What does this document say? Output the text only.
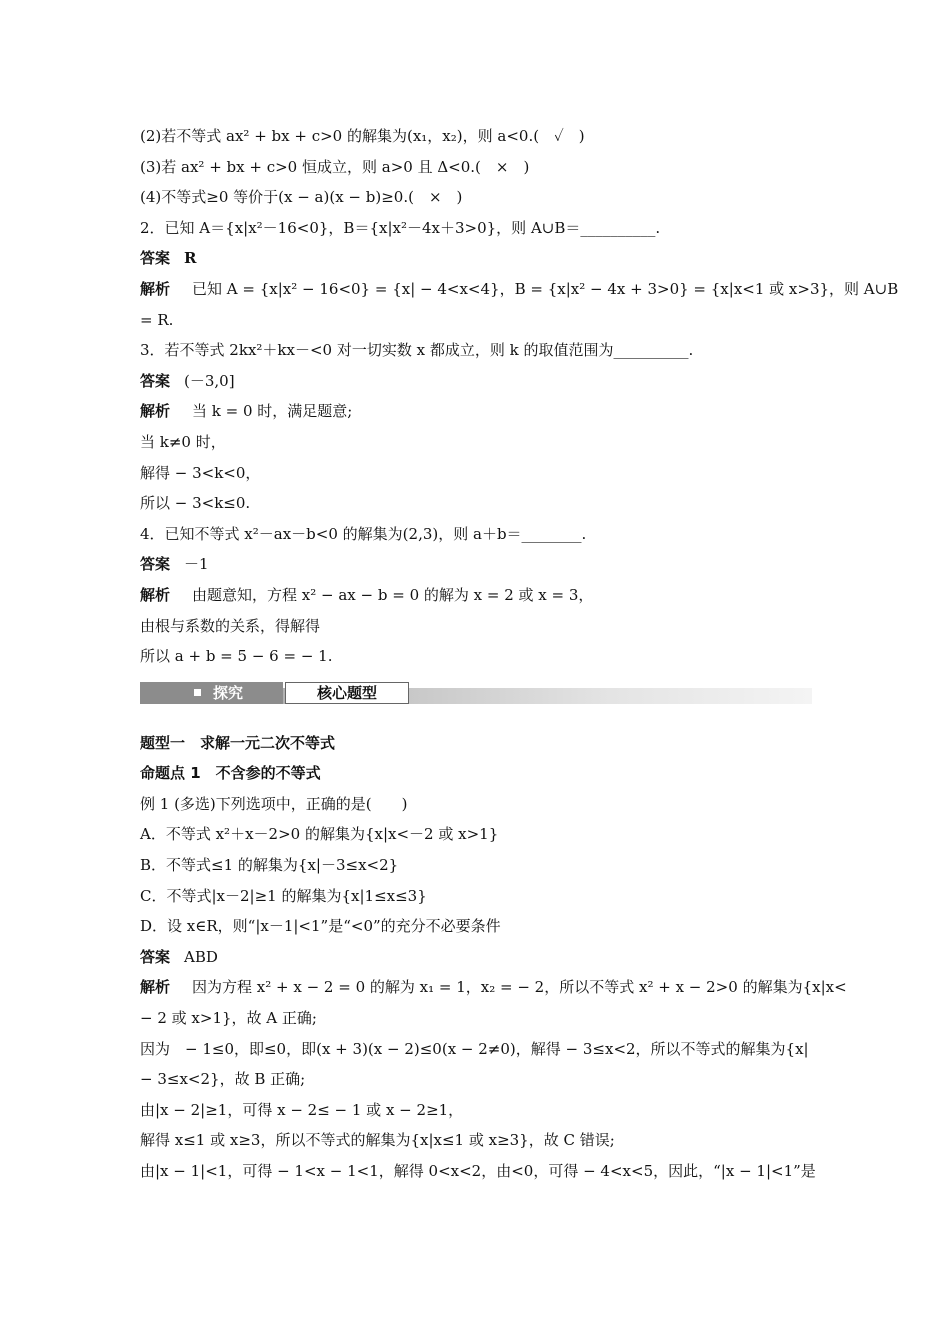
(2)若不等式 ax² + bx + c>0 的解集为(x₁，x₂)，则 a<0.(　✓　)
(3)若 ax² + bx + c>0 恒成立，则 a>0 且 Δ<0.(　×　)
(4)不等式≥0 等价于(x − a)(x − b)≥0.(　×　)
2．已知 A＝{x|x²－16<0}，B＝{x|x²－4x＋3>0}，则 A∪B＝__________.
答案 R
解析 已知 A = {x|x² − 16<0} = {x| − 4<x<4}，B = {x|x² − 4x + 3>0} = {x|x<1 或 x>3}，则 A∪B
= R.
3．若不等式 2kx²＋kx－<0 对一切实数 x 都成立，则 k 的取值范围为__________.
答案 (－3,0]
解析 当 k = 0 时，满足题意;
当 k≠0 时，
解得 − 3<k<0，
所以 − 3<k≤0.
4．已知不等式 x²－ax－b<0 的解集为(2,3)，则 a＋b＝________.
答案 －1
解析 由题意知，方程 x² − ax − b = 0 的解为 x = 2 或 x = 3，
由根与系数的关系，得解得
所以 a + b = 5 − 6 = − 1.
探究	核心题型
题型一　求解一元二次不等式
命题点 1　不含参的不等式
例 1 (多选)下列选项中，正确的是(　　)
A．不等式 x²＋x－2>0 的解集为{x|x<－2 或 x>1}
B．不等式≤1 的解集为{x|－3≤x<2}
C．不等式|x－2|≥1 的解集为{x|1≤x≤3}
D．设 x∈R，则“|x－1|<1”是“<0”的充分不必要条件
答案 ABD
解析 因为方程 x² + x − 2 = 0 的解为 x₁ = 1，x₂ = − 2，所以不等式 x² + x − 2>0 的解集为{x|x<
− 2 或 x>1}，故 A 正确;
因为　− 1≤0，即≤0，即(x + 3)(x − 2)≤0(x − 2≠0)，解得 − 3≤x<2，所以不等式的解集为{x|
− 3≤x<2}，故 B 正确;
由|x − 2|≥1，可得 x − 2≤ − 1 或 x − 2≥1，
解得 x≤1 或 x≥3，所以不等式的解集为{x|x≤1 或 x≥3}，故 C 错误;
由|x − 1|<1，可得 − 1<x − 1<1，解得 0<x<2，由<0，可得 − 4<x<5，因此，“|x − 1|<1”是
